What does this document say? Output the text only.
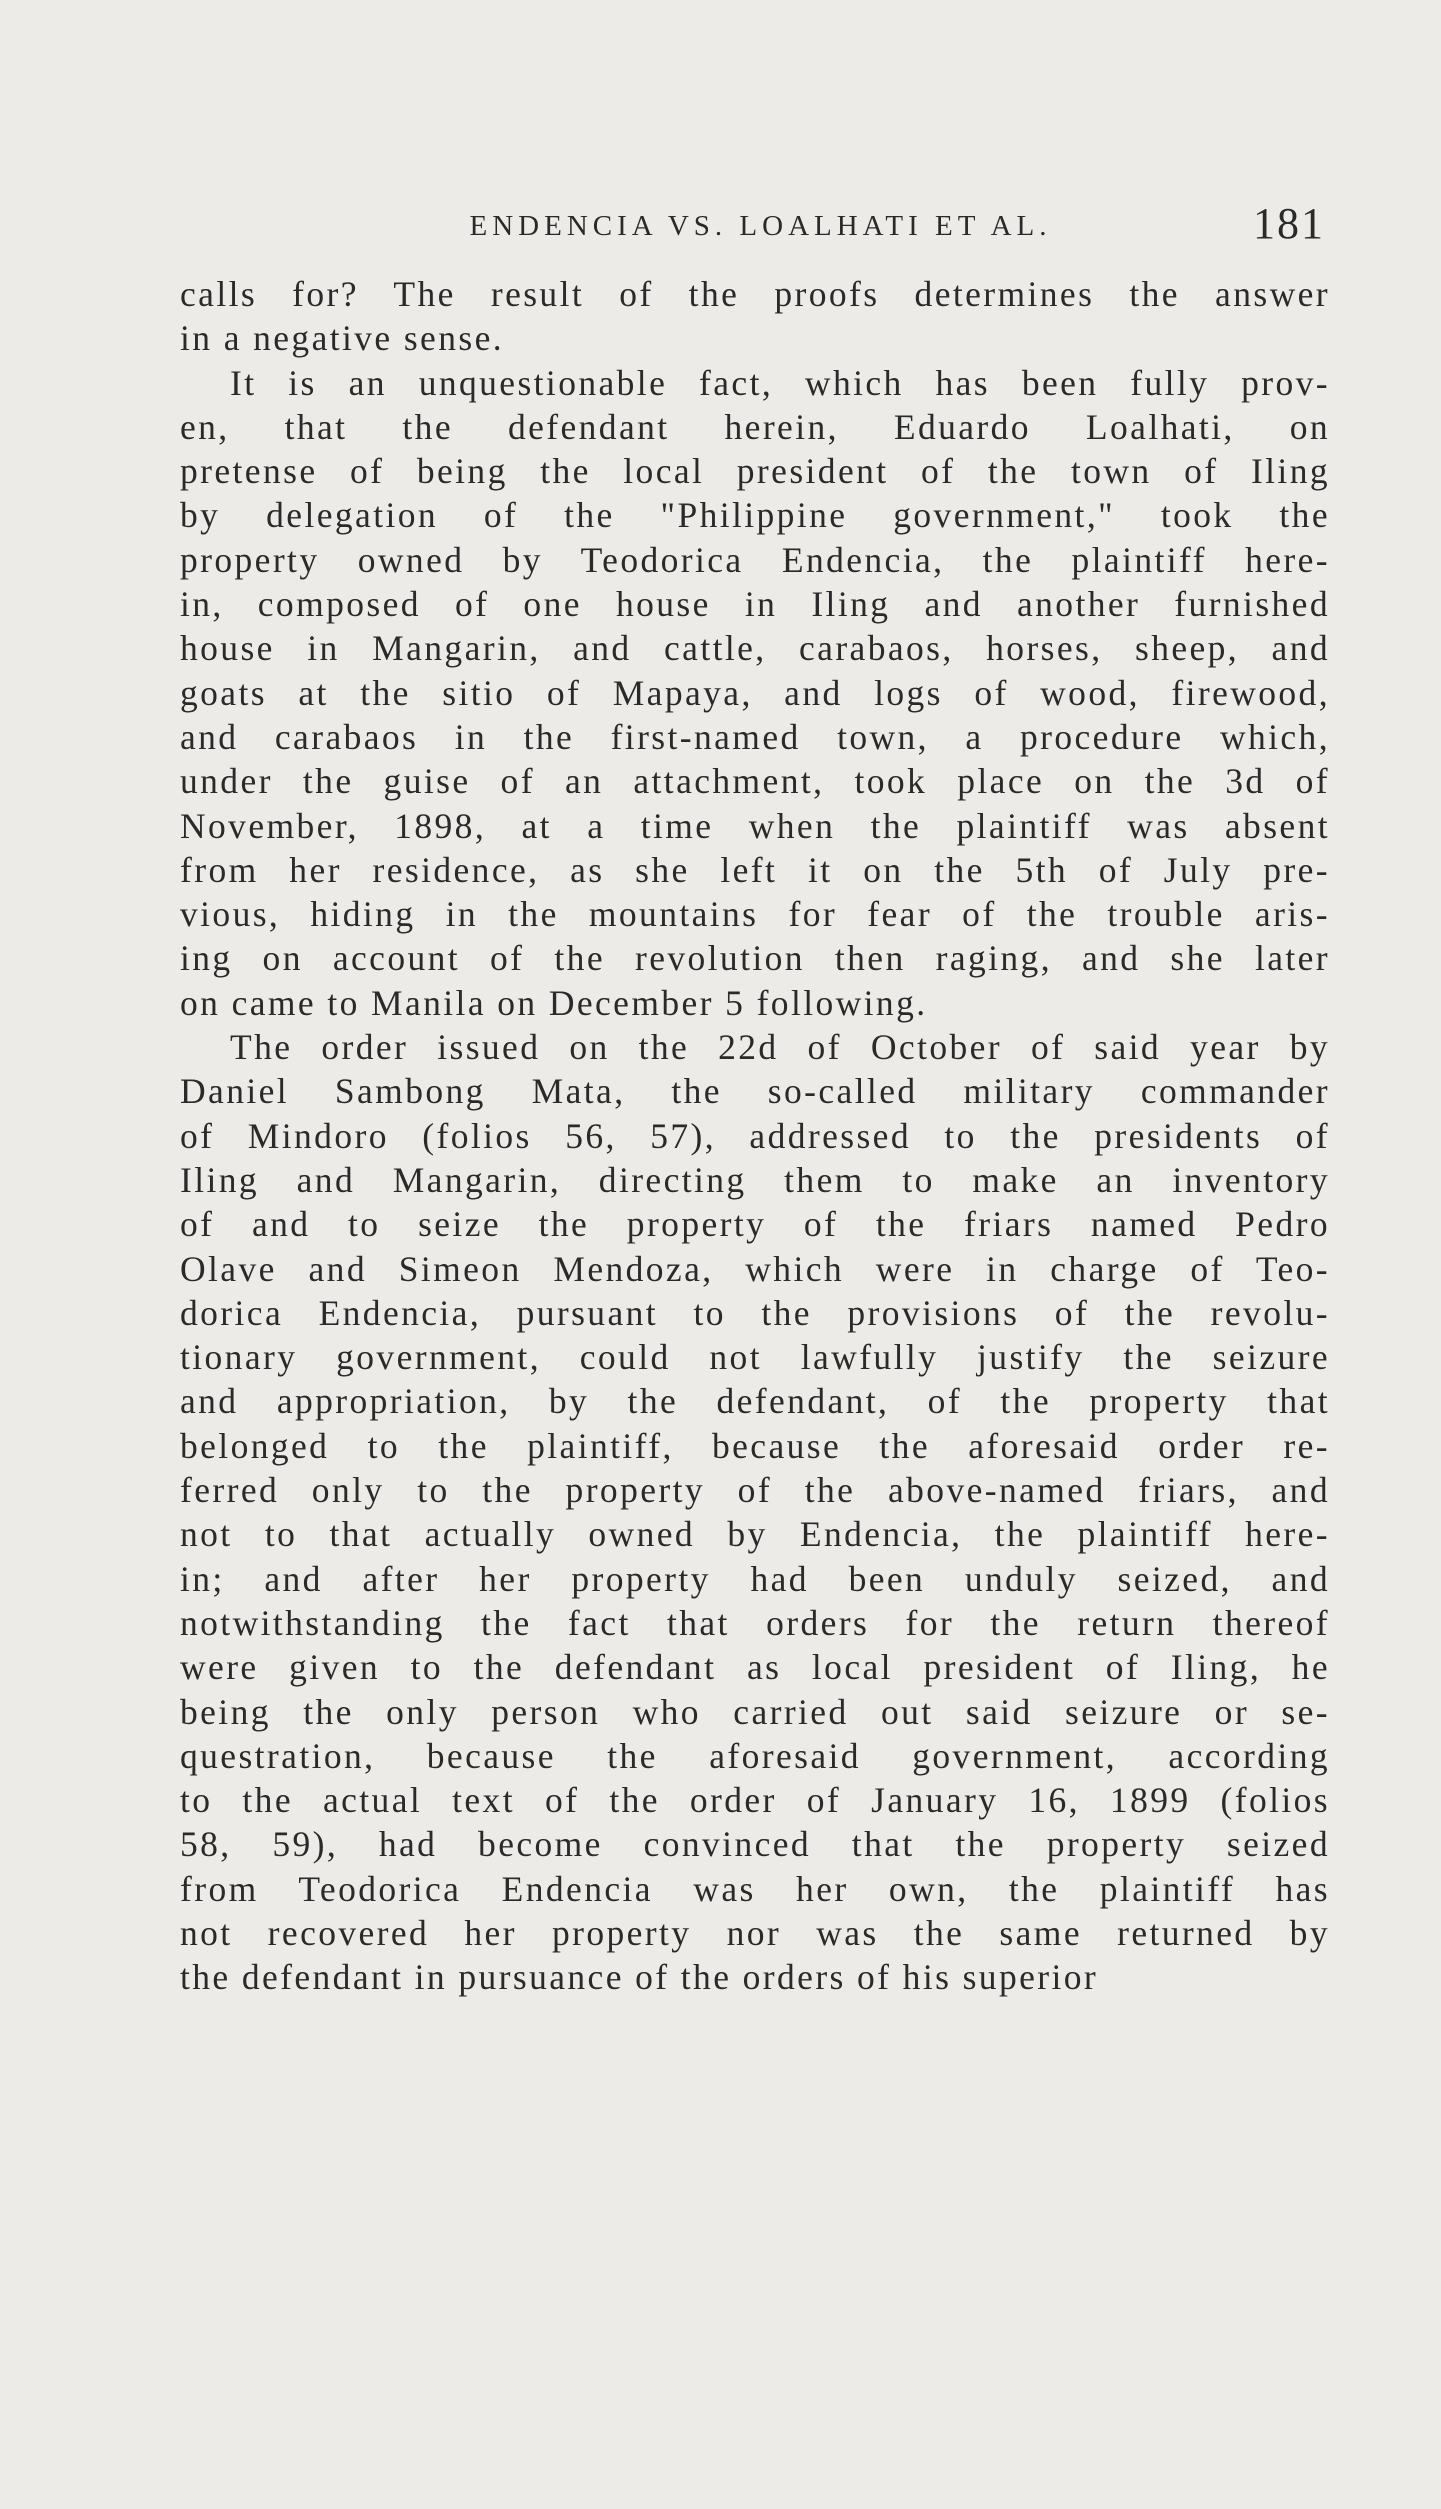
ENDENCIA VS. LOALHATI ET AL.	181
calls for? The result of the proofs determines the answer
in a negative sense.
It is an unquestionable fact, which has been fully prov-
en, that the defendant herein, Eduardo Loalhati, on
pretense of being the local president of the town of Iling
by delegation of the "Philippine government," took the
property owned by Teodorica Endencia, the plaintiff here-
in, composed of one house in Iling and another furnished
house in Mangarin, and cattle, carabaos, horses, sheep, and
goats at the sitio of Mapaya, and logs of wood, firewood,
and carabaos in the first-named town, a procedure which,
under the guise of an attachment, took place on the 3d of
November, 1898, at a time when the plaintiff was absent
from her residence, as she left it on the 5th of July pre-
vious, hiding in the mountains for fear of the trouble aris-
ing on account of the revolution then raging, and she later
on came to Manila on December 5 following.
The order issued on the 22d of October of said year by
Daniel Sambong Mata, the so-called military commander
of Mindoro (folios 56, 57), addressed to the presidents of
Iling and Mangarin, directing them to make an inventory
of and to seize the property of the friars named Pedro
Olave and Simeon Mendoza, which were in charge of Teo-
dorica Endencia, pursuant to the provisions of the revolu-
tionary government, could not lawfully justify the seizure
and appropriation, by the defendant, of the property that
belonged to the plaintiff, because the aforesaid order re-
ferred only to the property of the above-named friars, and
not to that actually owned by Endencia, the plaintiff here-
in; and after her property had been unduly seized, and
notwithstanding the fact that orders for the return thereof
were given to the defendant as local president of Iling, he
being the only person who carried out said seizure or se-
questration, because the aforesaid government, according
to the actual text of the order of January 16, 1899 (folios
58, 59), had become convinced that the property seized
from Teodorica Endencia was her own, the plaintiff has
not recovered her property nor was the same returned by
the defendant in pursuance of the orders of his superior
